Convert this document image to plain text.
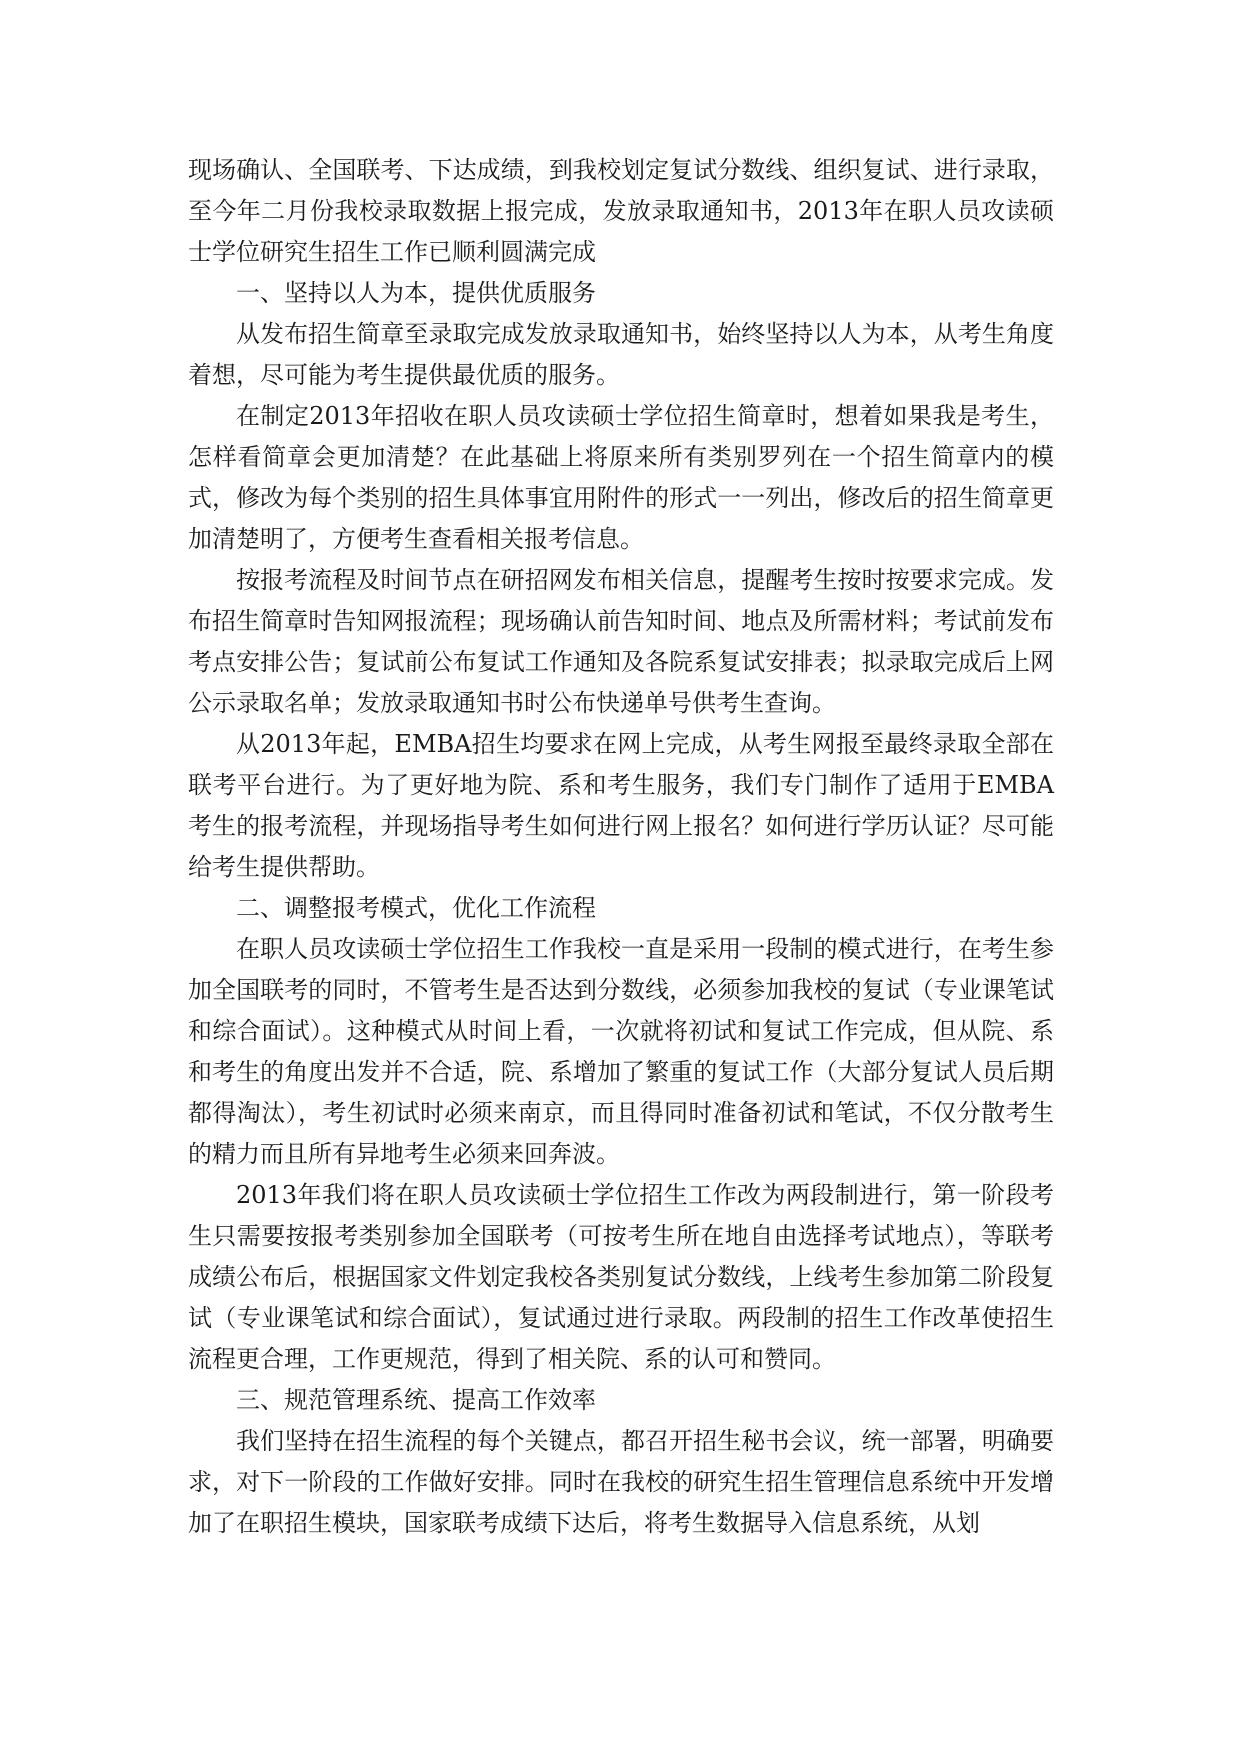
现场确认、全国联考、下达成绩，到我校划定复试分数线、组织复试、进行录取，至今年二月份我校录取数据上报完成，发放录取通知书，2013年在职人员攻读硕士学位研究生招生工作已顺利圆满完成

一、坚持以人为本，提供优质服务

从发布招生简章至录取完成发放录取通知书，始终坚持以人为本，从考生角度着想，尽可能为考生提供最优质的服务。

在制定2013年招收在职人员攻读硕士学位招生简章时，想着如果我是考生，怎样看简章会更加清楚？在此基础上将原来所有类别罗列在一个招生简章内的模式，修改为每个类别的招生具体事宜用附件的形式一一列出，修改后的招生简章更加清楚明了，方便考生查看相关报考信息。

按报考流程及时间节点在研招网发布相关信息，提醒考生按时按要求完成。发布招生简章时告知网报流程；现场确认前告知时间、地点及所需材料；考试前发布考点安排公告；复试前公布复试工作通知及各院系复试安排表；拟录取完成后上网公示录取名单；发放录取通知书时公布快递单号供考生查询。

从2013年起，EMBA招生均要求在网上完成，从考生网报至最终录取全部在联考平台进行。为了更好地为院、系和考生服务，我们专门制作了适用于EMBA考生的报考流程，并现场指导考生如何进行网上报名？如何进行学历认证？尽可能给考生提供帮助。

二、调整报考模式，优化工作流程

在职人员攻读硕士学位招生工作我校一直是采用一段制的模式进行，在考生参加全国联考的同时，不管考生是否达到分数线，必须参加我校的复试（专业课笔试和综合面试）。这种模式从时间上看，一次就将初试和复试工作完成，但从院、系和考生的角度出发并不合适，院、系增加了繁重的复试工作（大部分复试人员后期都得淘汰），考生初试时必须来南京，而且得同时准备初试和笔试，不仅分散考生的精力而且所有异地考生必须来回奔波。

2013年我们将在职人员攻读硕士学位招生工作改为两段制进行，第一阶段考生只需要按报考类别参加全国联考（可按考生所在地自由选择考试地点），等联考成绩公布后，根据国家文件划定我校各类别复试分数线，上线考生参加第二阶段复试（专业课笔试和综合面试），复试通过进行录取。两段制的招生工作改革使招生流程更合理，工作更规范，得到了相关院、系的认可和赞同。

三、规范管理系统、提高工作效率

我们坚持在招生流程的每个关键点，都召开招生秘书会议，统一部署，明确要求，对下一阶段的工作做好安排。同时在我校的研究生招生管理信息系统中开发增加了在职招生模块，国家联考成绩下达后，将考生数据导入信息系统，从划
